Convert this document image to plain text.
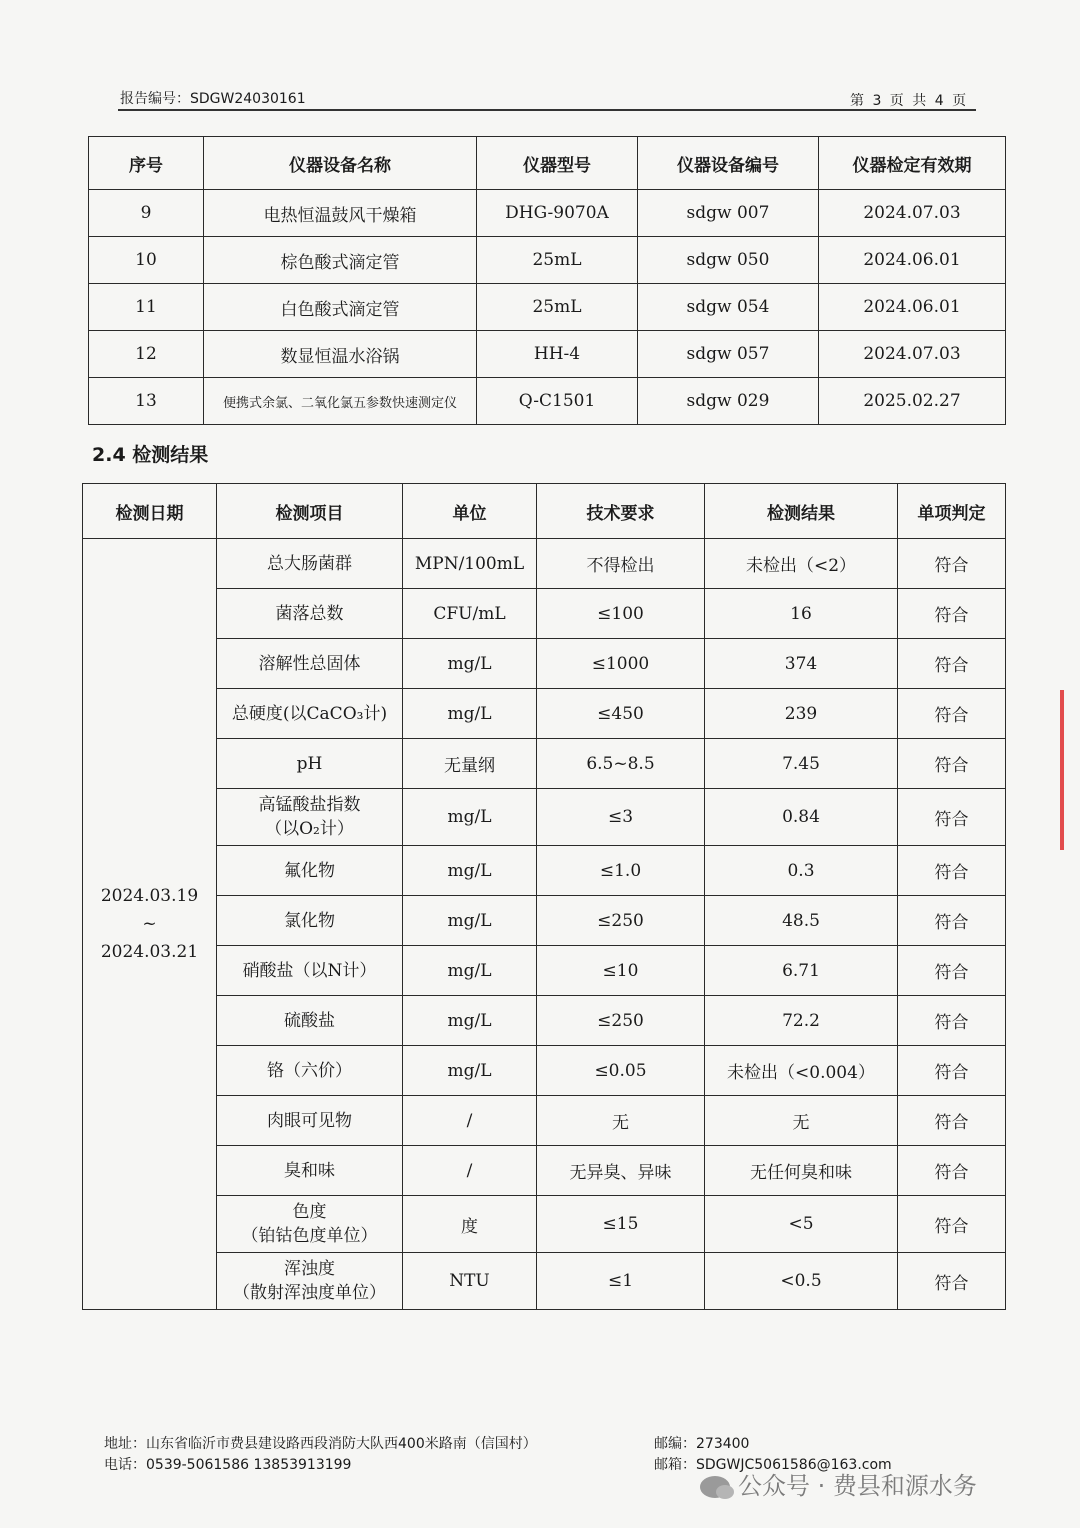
报告编号：SDGW24030161	第 3 页 共 4 页
序号	仪器设备名称	仪器型号	仪器设备编号	仪器检定有效期
9	电热恒温鼓风干燥箱	DHG-9070A	sdgw 007	2024.07.03
10	棕色酸式滴定管	25mL	sdgw 050	2024.06.01
11	白色酸式滴定管	25mL	sdgw 054	2024.06.01
12	数显恒温水浴锅	HH-4	sdgw 057	2024.07.03
13	便携式余氯、二氧化氯五参数快速测定仪	Q-C1501	sdgw 029	2025.02.27
2.4 检测结果
检测日期	检测项目	单位	技术要求	检测结果	单项判定

2024.03.19
~
2024.03.21	总大肠菌群	MPN/100mL	不得检出	未检出（<2）	符合

	菌落总数	CFU/mL	≤100	16	符合

	溶解性总固体	mg/L	≤1000	374	符合

	总硬度(以CaCO₃计)	mg/L	≤450	239	符合

	pH	无量纲	6.5~8.5	7.45	符合

	高锰酸盐指数
（以O₂计）	mg/L	≤3	0.84	符合

	氟化物	mg/L	≤1.0	0.3	符合

	氯化物	mg/L	≤250	48.5	符合

	硝酸盐（以N计）	mg/L	≤10	6.71	符合

	硫酸盐	mg/L	≤250	72.2	符合

	铬（六价）	mg/L	≤0.05	未检出（<0.004）	符合

	肉眼可见物	/	无	无	符合

	臭和味	/	无异臭、异味	无任何臭和味	符合

	色度
（铂钴色度单位）	度	≤15	<5	符合

	浑浊度
（散射浑浊度单位）	NTU	≤1	<0.5	符合
地址：山东省临沂市费县建设路西段消防大队西400米路南（信国村）
电话：0539-5061586 13853913199
邮编：273400
邮箱：SDGWJC5061586@163.com
公众号 · 费县和源水务
